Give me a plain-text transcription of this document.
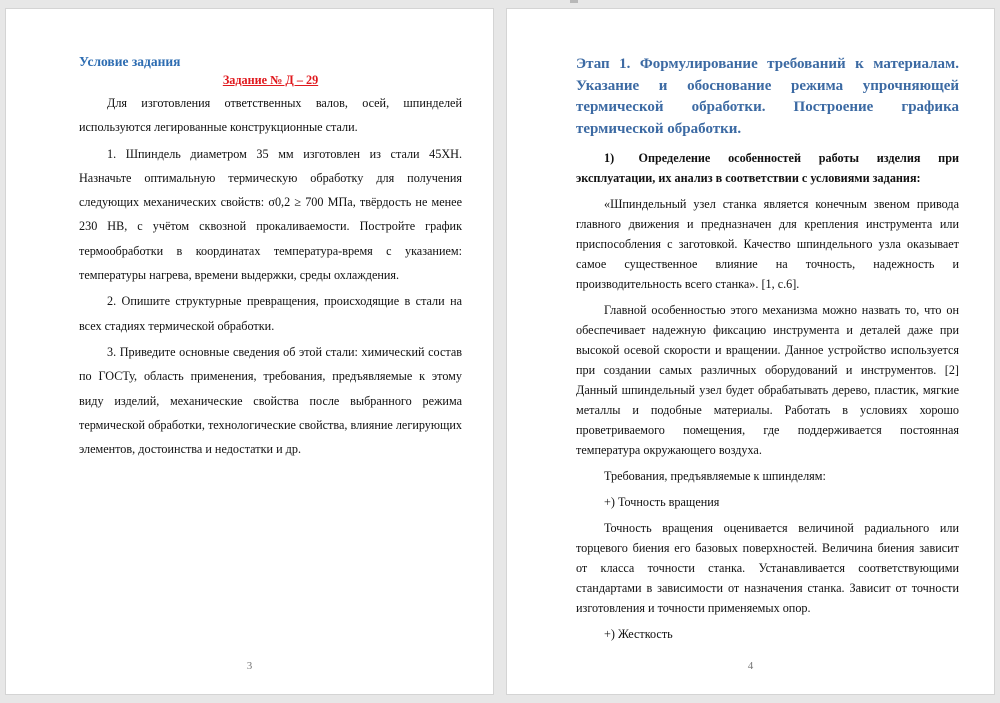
Условие задания
Задание № Д – 29

Для изготовления ответственных валов, осей, шпинделей используются легированные конструкционные стали.

1. Шпиндель диаметром 35 мм изготовлен из стали 45ХН. Назначьте оптимальную термическую обработку для получения следующих механических свойств: σ0,2 ≥ 700 МПа, твёрдость не менее 230 HB, с учётом сквозной прокаливаемости. Постройте график термообработки в координатах температура-время с указанием: температуры нагрева, времени выдержки, среды охлаждения.

2. Опишите структурные превращения, происходящие в стали на всех стадиях термической обработки.

3. Приведите основные сведения об этой стали: химический состав по ГОСТу, область применения, требования, предъявляемые к этому виду изделий, механические свойства после выбранного режима термической обработки, технологические свойства, влияние легирующих элементов, достоинства и недостатки и др.

3
Этап 1. Формулирование требований к материалам. Указание и обоснование режима упрочняющей термической обработки. Построение графика термической обработки.

1)  Определение особенностей работы изделия при эксплуатации, их анализ в соответствии с условиями задания:

«Шпиндельный узел станка является конечным звеном привода главного движения и предназначен для крепления инструмента или приспособления с заготовкой. Качество шпиндельного узла оказывает самое существенное влияние на точность, надежность и производительность всего станка». [1, с.6].

Главной особенностью этого механизма можно назвать то, что он обеспечивает надежную фиксацию инструмента и деталей даже при высокой осевой скорости и вращении. Данное устройство используется при создании самых различных оборудований и инструментов. [2] Данный шпиндельный узел будет обрабатывать дерево, пластик, мягкие металлы и подобные материалы. Работать в условиях хорошо проветриваемого помещения, где поддерживается постоянная температура окружающего воздуха.

Требования, предъявляемые к шпинделям:

+) Точность вращения

Точность вращения оценивается величиной радиального или торцевого биения его базовых поверхностей. Величина биения зависит от класса точности станка. Устанавливается соответствующими стандартами в зависимости от назначения станка. Зависит от точности изготовления и точности применяемых опор.

+) Жесткость

4
